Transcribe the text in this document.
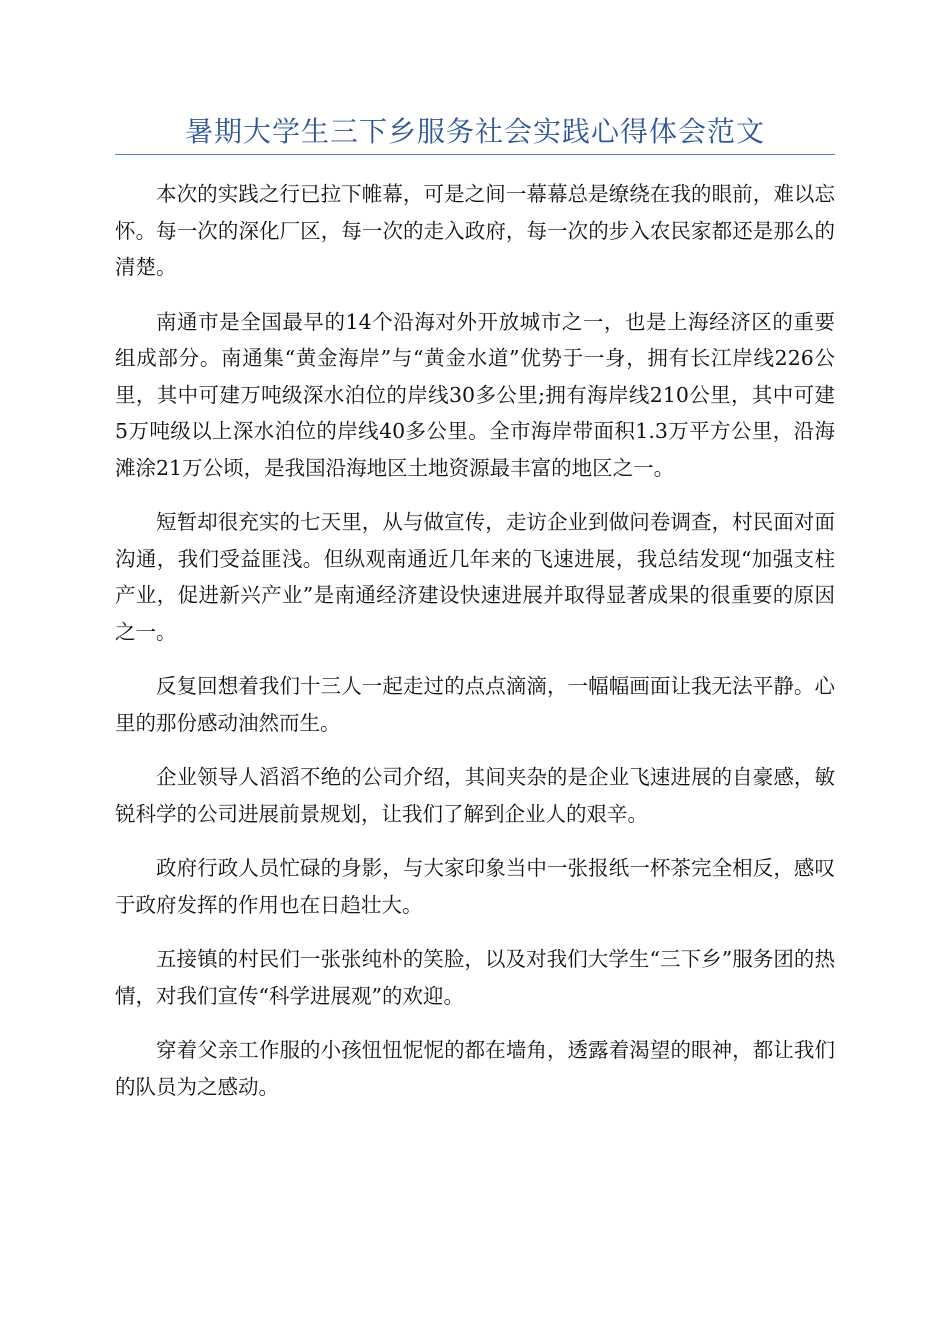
暑期大学生三下乡服务社会实践心得体会范文

本次的实践之行已拉下帷幕，可是之间一幕幕总是缭绕在我的眼前，难以忘怀。每一次的深化厂区，每一次的走入政府，每一次的步入农民家都还是那么的清楚。

南通市是全国最早的14个沿海对外开放城市之一，也是上海经济区的重要组成部分。南通集“黄金海岸”与“黄金水道”优势于一身，拥有长江岸线226公里，其中可建万吨级深水泊位的岸线30多公里;拥有海岸线210公里，其中可建5万吨级以上深水泊位的岸线40多公里。全市海岸带面积1.3万平方公里，沿海滩涂21万公顷，是我国沿海地区土地资源最丰富的地区之一。

短暂却很充实的七天里，从与做宣传，走访企业到做问卷调查，村民面对面沟通，我们受益匪浅。但纵观南通近几年来的飞速进展，我总结发现“加强支柱产业，促进新兴产业”是南通经济建设快速进展并取得显著成果的很重要的原因之一。

反复回想着我们十三人一起走过的点点滴滴，一幅幅画面让我无法平静。心里的那份感动油然而生。

企业领导人滔滔不绝的公司介绍，其间夹杂的是企业飞速进展的自豪感，敏锐科学的公司进展前景规划，让我们了解到企业人的艰辛。

政府行政人员忙碌的身影，与大家印象当中一张报纸一杯茶完全相反，感叹于政府发挥的作用也在日趋壮大。

五接镇的村民们一张张纯朴的笑脸，以及对我们大学生“三下乡”服务团的热情，对我们宣传“科学进展观”的欢迎。

穿着父亲工作服的小孩忸忸怩怩的都在墙角，透露着渴望的眼神，都让我们的队员为之感动。
